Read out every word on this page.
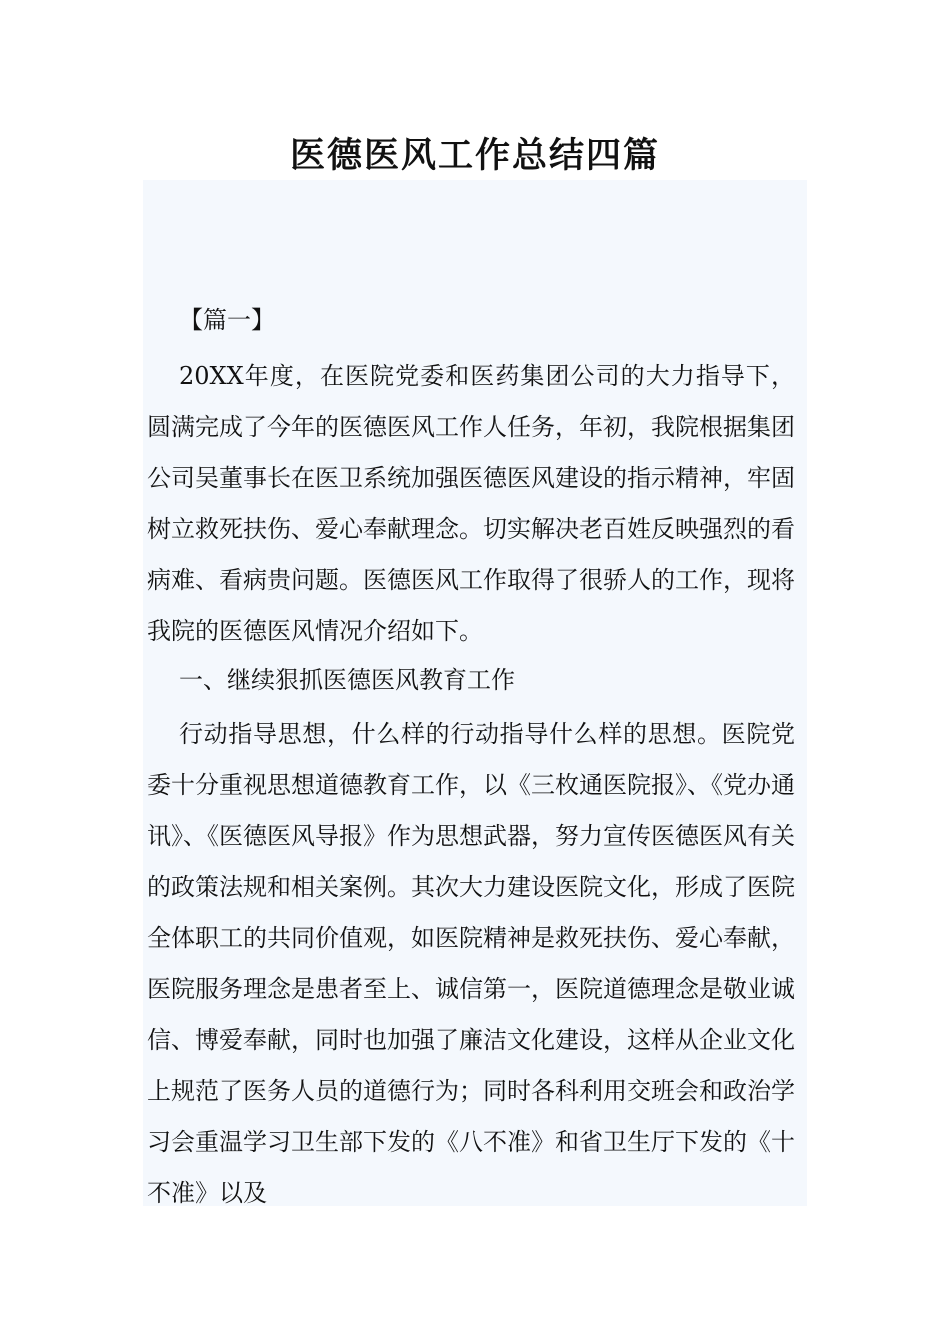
医德医风工作总结四篇

【篇一】

20XX年度，在医院党委和医药集团公司的大力指导下，圆满完成了今年的医德医风工作人任务，年初，我院根据集团公司吴董事长在医卫系统加强医德医风建设的指示精神，牢固树立救死扶伤、爱心奉献理念。切实解决老百姓反映强烈的看病难、看病贵问题。医德医风工作取得了很骄人的工作，现将我院的医德医风情况介绍如下。

一、继续狠抓医德医风教育工作

行动指导思想，什么样的行动指导什么样的思想。医院党委十分重视思想道德教育工作，以《三枚通医院报》、《党办通讯》、《医德医风导报》作为思想武器，努力宣传医德医风有关的政策法规和相关案例。其次大力建设医院文化，形成了医院全体职工的共同价值观，如医院精神是救死扶伤、爱心奉献，医院服务理念是患者至上、诚信第一，医院道德理念是敬业诚信、博爱奉献，同时也加强了廉洁文化建设，这样从企业文化上规范了医务人员的道德行为；同时各科利用交班会和政治学习会重温学习卫生部下发的《八不准》和省卫生厅下发的《十不准》以及
